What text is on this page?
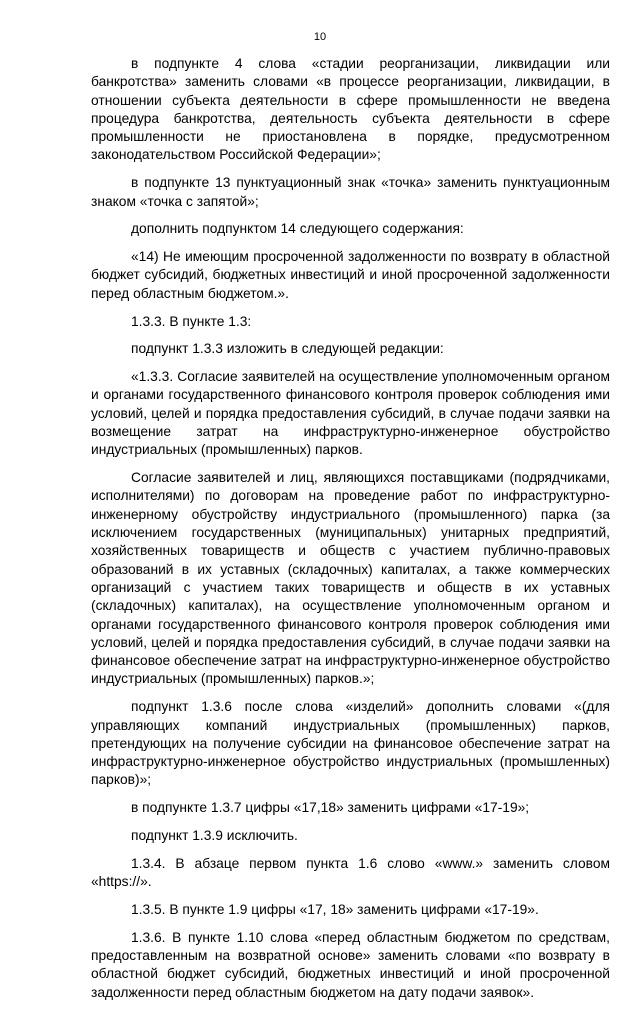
10

в подпункте 4 слова «стадии реорганизации, ликвидации или банкротства» заменить словами «в процессе реорганизации, ликвидации, в отношении субъекта деятельности в сфере промышленности не введена процедура банкротства, деятельность субъекта деятельности в сфере промышленности не приостановлена в порядке, предусмотренном законодательством Российской Федерации»;

в подпункте 13 пунктуационный знак «точка» заменить пунктуационным знаком «точка с запятой»;

дополнить подпунктом 14 следующего содержания:

«14) Не имеющим просроченной задолженности по возврату в областной бюджет субсидий, бюджетных инвестиций и иной просроченной задолженности перед областным бюджетом.».

1.3.3. В пункте 1.3:

подпункт 1.3.3 изложить в следующей редакции:

«1.3.3. Согласие заявителей на осуществление уполномоченным органом и органами государственного финансового контроля проверок соблюдения ими условий, целей и порядка предоставления субсидий, в случае подачи заявки на возмещение затрат на инфраструктурно-инженерное обустройство индустриальных (промышленных) парков.

Согласие заявителей и лиц, являющихся поставщиками (подрядчиками, исполнителями) по договорам на проведение работ по инфраструктурно-инженерному обустройству индустриального (промышленного) парка (за исключением государственных (муниципальных) унитарных предприятий, хозяйственных товариществ и обществ с участием публично-правовых образований в их уставных (складочных) капиталах, а также коммерческих организаций с участием таких товариществ и обществ в их уставных (складочных) капиталах), на осуществление уполномоченным органом и органами государственного финансового контроля проверок соблюдения ими условий, целей и порядка предоставления субсидий, в случае подачи заявки на финансовое обеспечение затрат на инфраструктурно-инженерное обустройство индустриальных (промышленных) парков.»;

подпункт 1.3.6 после слова «изделий» дополнить словами «(для управляющих компаний индустриальных (промышленных) парков, претендующих на получение субсидии на финансовое обеспечение затрат на инфраструктурно-инженерное обустройство индустриальных (промышленных) парков)»;

в подпункте 1.3.7 цифры «17,18» заменить цифрами «17-19»;

подпункт 1.3.9 исключить.

1.3.4. В абзаце первом пункта 1.6 слово «www.» заменить словом «https://».

1.3.5. В пункте 1.9 цифры «17, 18» заменить цифрами «17-19».

1.3.6. В пункте 1.10 слова «перед областным бюджетом по средствам, предоставленным на возвратной основе» заменить словами «по возврату в областной бюджет субсидий, бюджетных инвестиций и иной просроченной задолженности перед областным бюджетом на дату подачи заявок».
